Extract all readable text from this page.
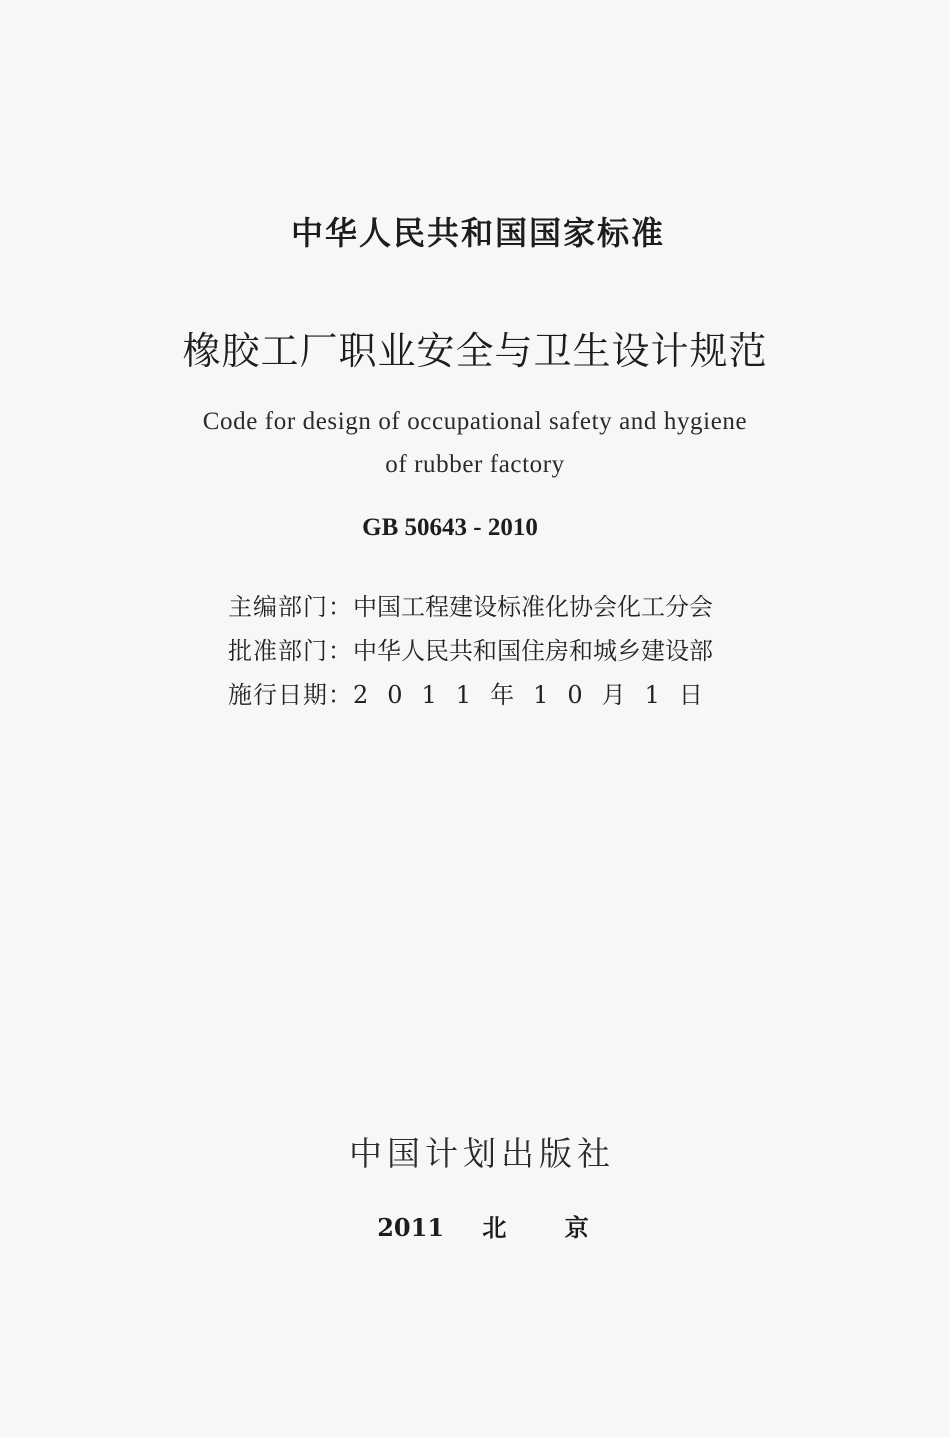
中华人民共和国国家标准
橡胶工厂职业安全与卫生设计规范
Code for design of occupational safety and hygiene
of rubber factory
GB 50643 - 2010
主编部门： 中国工程建设标准化协会化工分会
批准部门： 中华人民共和国住房和城乡建设部
施行日期： 2011年10月1日
中国计划出版社
2011 北 京
